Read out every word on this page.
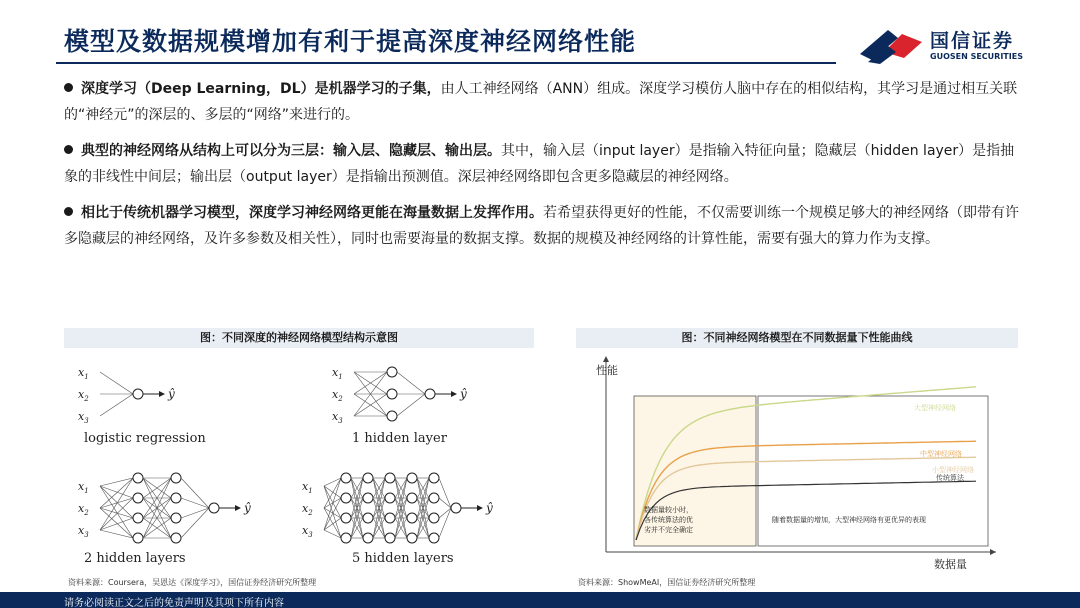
模型及数据规模增加有利于提高深度神经网络性能	国信证券
GUOSEN SECURITIES

深度学习（Deep Learning，DL）是机器学习的子集，由人工神经网络（ANN）组成。深度学习模仿人脑中存在的相似结构，其学习是通过相互关联的“神经元”的深层的、多层的“网络”来进行的。

典型的神经网络从结构上可以分为三层：输入层、隐藏层、输出层。其中，输入层（input layer）是指输入特征向量；隐藏层（hidden layer）是指抽象的非线性中间层；输出层（output layer）是指输出预测值。深层神经网络即包含更多隐藏层的神经网络。

相比于传统机器学习模型，深度学习神经网络更能在海量数据上发挥作用。若希望获得更好的性能，不仅需要训练一个规模足够大的神经网络（即带有许多隐藏层的神经网络，及许多参数及相关性），同时也需要海量的数据支撑。数据的规模及神经网络的计算性能，需要有强大的算力作为支撑。

图：不同深度的神经网络模型结构示意图
$x_1$
$x_2$
$x_3$
ŷ
logistic regression
$x_1$
$x_2$
$x_3$
ŷ
1 hidden layer
$x_1$
$x_2$
$x_3$
ŷ
2 hidden layers
$x_1$
$x_2$
$x_3$
ŷ
5 hidden layers
资料来源：Coursera，吴恩达《深度学习》，国信证券经济研究所整理
图：不同神经网络模型在不同数据量下性能曲线
性能
数据量
大型神经网络
中型神经网络
小型神经网络
传统算法
数据量较小时，各传统算法的优劣并不完全确定
随着数据量的增加，大型神经网络有更优异的表现
资料来源：ShowMeAI，国信证券经济研究所整理
请务必阅读正文之后的免责声明及其项下所有内容
